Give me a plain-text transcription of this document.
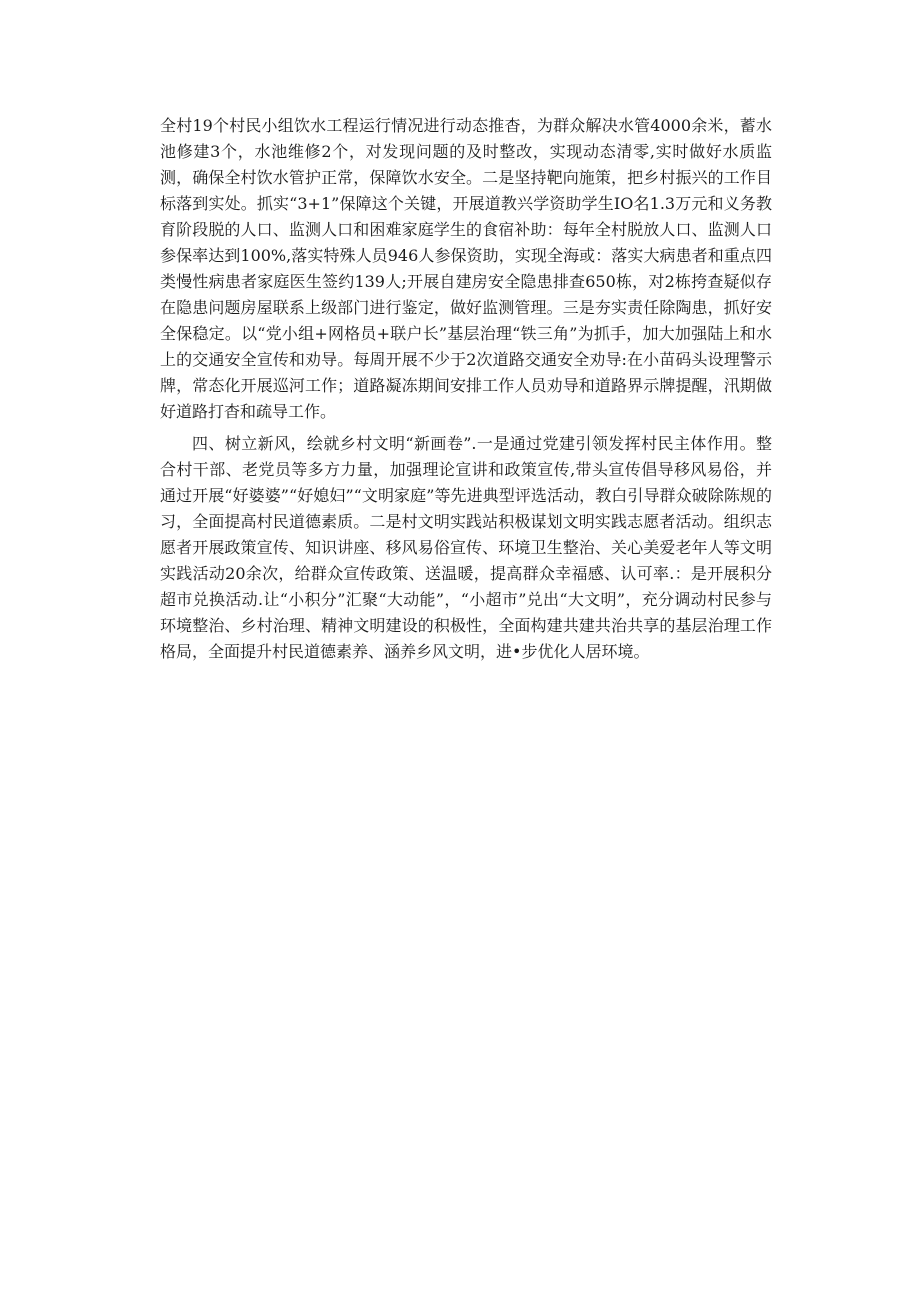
全村19个村民小组饮水工程运行情况进行动态推杳，为群众解决水管4000余米，蓄水池修建3个，水池维修2个，对发现问题的及时整改，实现动态清零,实时做好水质监测，确保全村饮水管护正常，保障饮水安全。二是坚持靶向施策，把乡村振兴的工作目标落到实处。抓实“3+1”保障这个关键，开展道教兴学资助学生IO名1.3万元和义务教育阶段脱的人口、监测人口和困难家庭学生的食宿补助：每年全村脱放人口、监测人口参保率达到100%,落实特殊人员946人参保资助，实现全海或：落实大病患者和重点四类慢性病患者家庭医生签约139人;开展自建房安全隐患排查650栋，对2栋挎查疑似存在隐患问题房屋联系上级部门进行鉴定，做好监测管理。三是夯实责任除陶患，抓好安全保稳定。以“党小组+网格员+联户长”基层治理“铁三角”为抓手，加大加强陆上和水上的交通安全宣传和劝导。每周开展不少于2次道路交通安全劝导:在小苗码头设理警示牌，常态化开展巡河工作；道路凝冻期间安排工作人员劝导和道路界示牌提醒，汛期做好道路打杳和疏导工作。

四、树立新风，绘就乡村文明“新画卷”.一是通过党建引领发挥村民主体作用。整合村干部、老党员等多方力量，加强理论宣讲和政策宣传,带头宣传倡导移风易俗，并通过开展“好婆婆”“好媳妇”“文明家庭”等先进典型评选活动，教白引导群众破除陈规的习，全面提高村民道德素质。二是村文明实践站积极谋划文明实践志愿者活动。组织志愿者开展政策宣传、知识讲座、移风易俗宣传、环境卫生整治、关心美爱老年人等文明实践活动20余次，给群众宣传政策、送温暖，提高群众幸福感、认可率.：是开展积分超市兑换活动.让“小积分”汇聚“大动能”，“小超市”兑出“大文明”，充分调动村民参与环境整治、乡村治理、精神文明建设的积极性，全面构建共建共治共享的基层治理工作格局，全面提升村民道德素养、涵养乡风文明，进•步优化人居环境。
